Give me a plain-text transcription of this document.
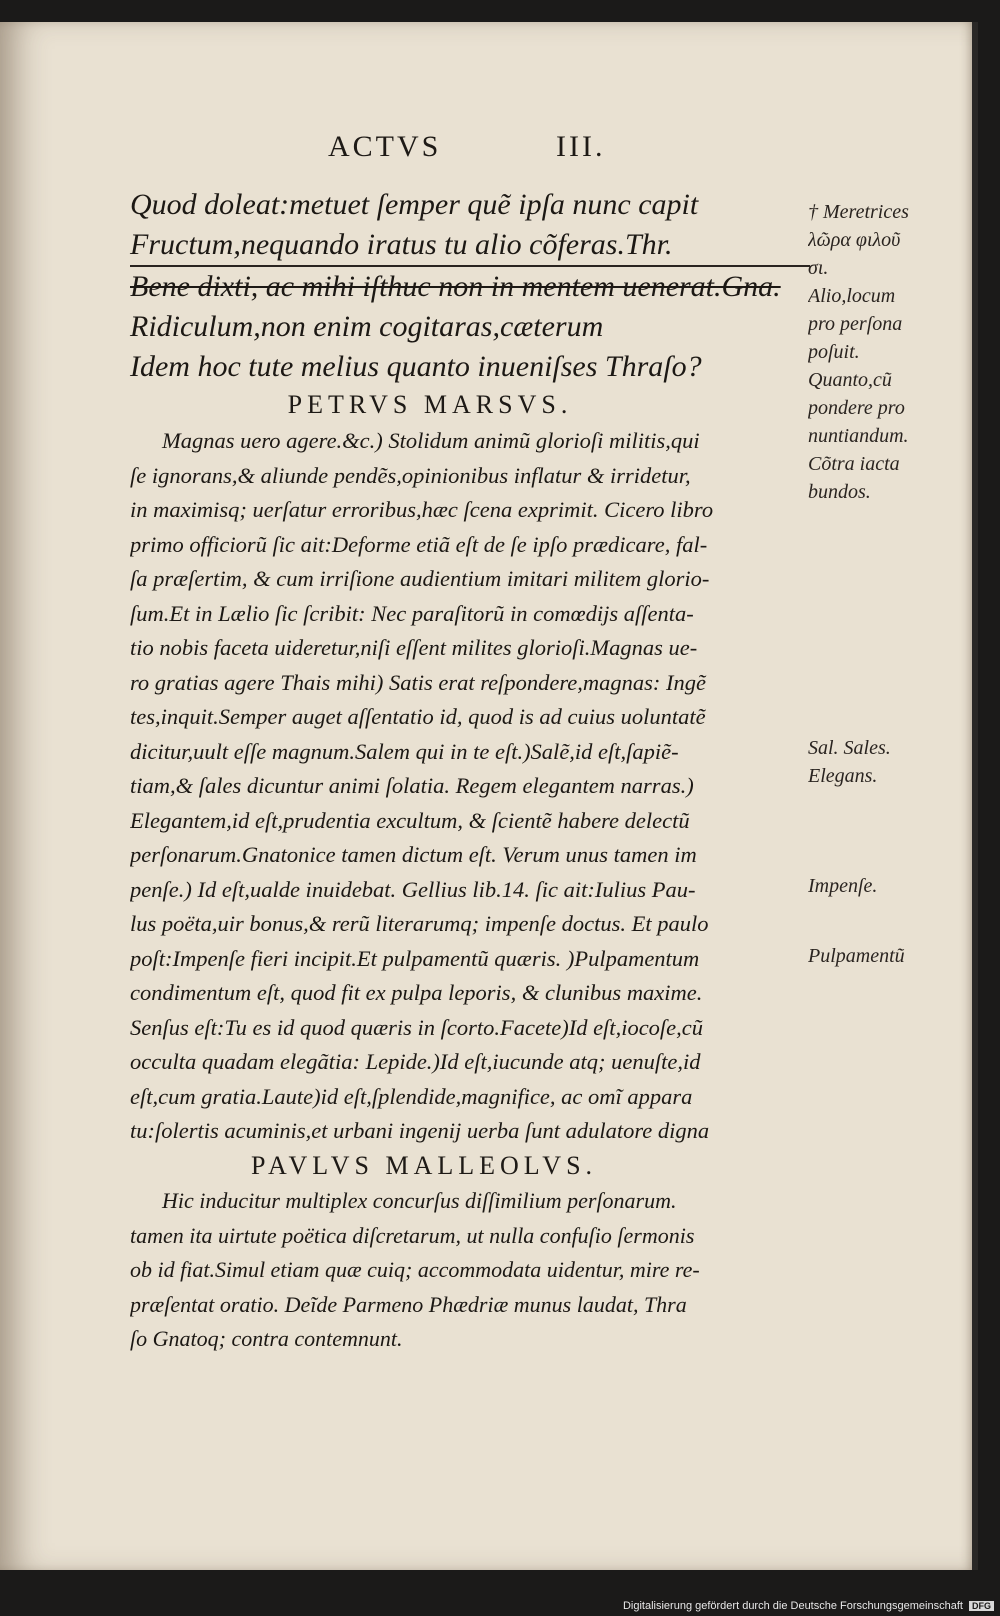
ACTVS	III.
Quod doleat:metuet ſemper quẽ ipſa nunc capit
Fructum,nequando iratus tu alio cõferas.Thr.
Bene dixti, ac mihi iſthuc non in mentem uenerat.Gna.
Ridiculum,non enim cogitaras,cæterum
Idem hoc tute melius quanto inueniſses Thraſo?
PETRVS MARSVS.
Magnas uero agere.&c.) Stolidum animũ glorioſi militis,qui
ſe ignorans,& aliunde pendẽs,opinionibus inflatur & irridetur,
in maximisq; uerſatur erroribus,hæc ſcena exprimit. Cicero libro
primo officiorũ ſic ait:Deforme etiã eſt de ſe ipſo prædicare, fal-
ſa præſertim, & cum irriſione audientium imitari militem glorio-
ſum.Et in Lælio ſic ſcribit: Nec paraſitorũ in comœdijs aſſenta-
tio nobis faceta uideretur,niſi eſſent milites glorioſi.Magnas ue-
ro gratias agere Thais mihi) Satis erat reſpondere,magnas: Ingẽ
tes,inquit.Semper auget aſſentatio id, quod is ad cuius uoluntatẽ
dicitur,uult eſſe magnum.Salem qui in te eſt.)Salẽ,id eſt,ſapiẽ-
tiam,& ſales dicuntur animi ſolatia. Regem elegantem narras.)
Elegantem,id eſt,prudentia excultum, & ſcientẽ habere delectũ
perſonarum.Gnatonice tamen dictum eſt. Verum unus tamen im
penſe.) Id eſt,ualde inuidebat. Gellius lib.14. ſic ait:Iulius Pau-
lus poëta,uir bonus,& rerũ literarumq; impenſe doctus. Et paulo
poſt:Impenſe fieri incipit.Et pulpamentũ quæris. )Pulpamentum
condimentum eſt, quod fit ex pulpa leporis, & clunibus maxime.
Senſus eſt:Tu es id quod quæris in ſcorto.Facete)Id eſt,iocoſe,cũ
occulta quadam elegãtia: Lepide.)Id eſt,iucunde atq; uenuſte,id
eſt,cum gratia.Laute)id eſt,ſplendide,magnifice, ac omĩ appara
tu:ſolertis acuminis,et urbani ingenij uerba ſunt adulatore digna
PAVLVS MALLEOLVS.
Hic inducitur multiplex concurſus diſſimilium perſonarum.
tamen ita uirtute poëtica diſcretarum, ut nulla confuſio ſermonis
ob id fiat.Simul etiam quæ cuiq; accommodata uidentur, mire re-
præſentat oratio. Deĩde Parmeno Phædriæ munus laudat, Thra
ſo Gnatoq; contra contemnunt.
† Meretrices
λῶρα φιλοῦ
σι.
Alio,locum
pro perſona
poſuit.
Quanto,cũ
pondere pro
nuntiandum.
Cõtra iacta
bundos.
Sal. Sales.
Elegans.
Impenſe.
Pulpamentũ
Digitalisierung gefördert durch die Deutsche Forschungsgemeinschaft DFG
